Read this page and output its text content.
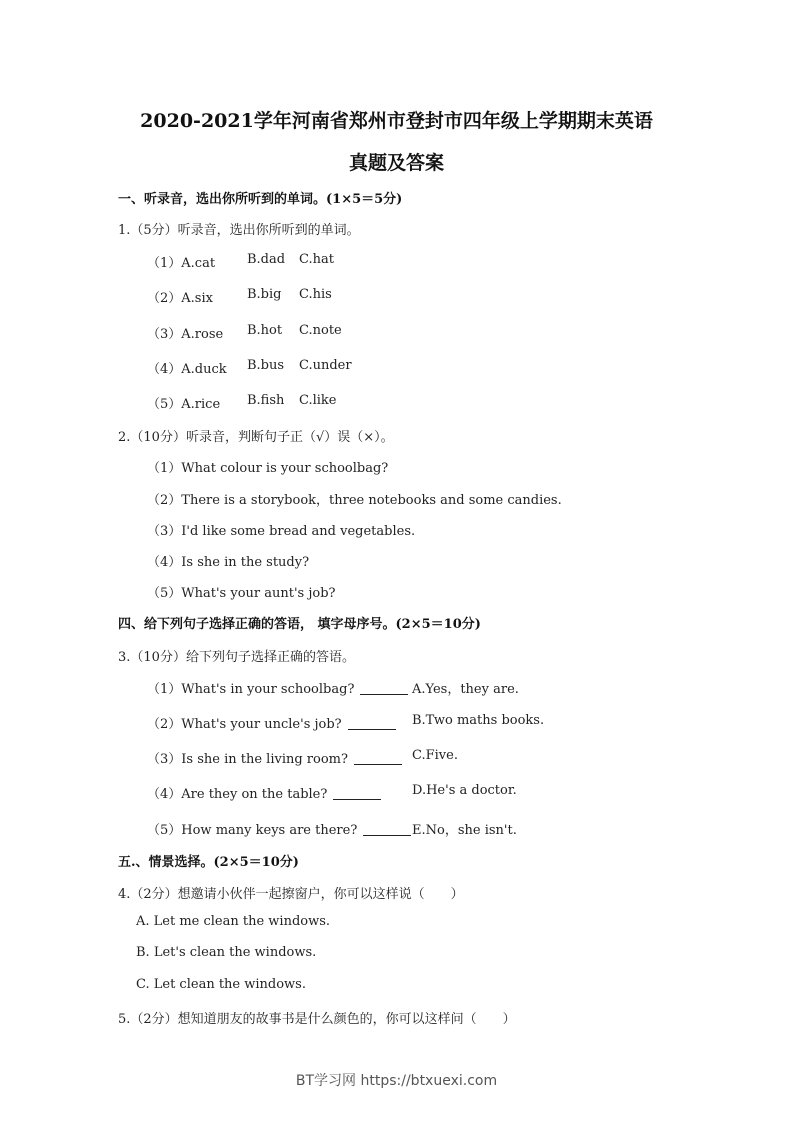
2020-2021学年河南省郑州市登封市四年级上学期期末英语
真题及答案
一、听录音，选出你所听到的单词。(1×5＝5分)
1.（5分）听录音，选出你所听到的单词。
（1）A.cat B.dad C.hat
（2）A.six	B.big C.his
（3）A.rose B.hot C.note
（4）A.duck B.bus C.under
（5）A.rice B.fish C.like
2.（10分）听录音，判断句子正（√）误（×）。
（1）What colour is your schoolbag?
（2）There is a storybook，three notebooks and some candies.
（3）I'd like some bread and vegetables.
（4）Is she in the study?
（5）What's your aunt's job?
四、给下列句子选择正确的答语， 填字母序号。(2×5＝10分)
3.（10分）给下列句子选择正确的答语。
（1）What's in your schoolbag?	A.Yes，they are.
（2）What's your uncle's job?	B.Two maths books.
（3）Is she in the living room?	C.Five.
（4）Are they on the table?	D.He's a doctor.
（5）How many keys are there?	E.No，she isn't.
五.、情景选择。(2×5＝10分)
4.（2分）想邀请小伙伴一起擦窗户，你可以这样说（　　）
A. Let me clean the windows.
B. Let's clean the windows.
C. Let clean the windows.
5.（2分）想知道朋友的故事书是什么颜色的，你可以这样问（　　）
BT学习网 https://btxuexi.com
